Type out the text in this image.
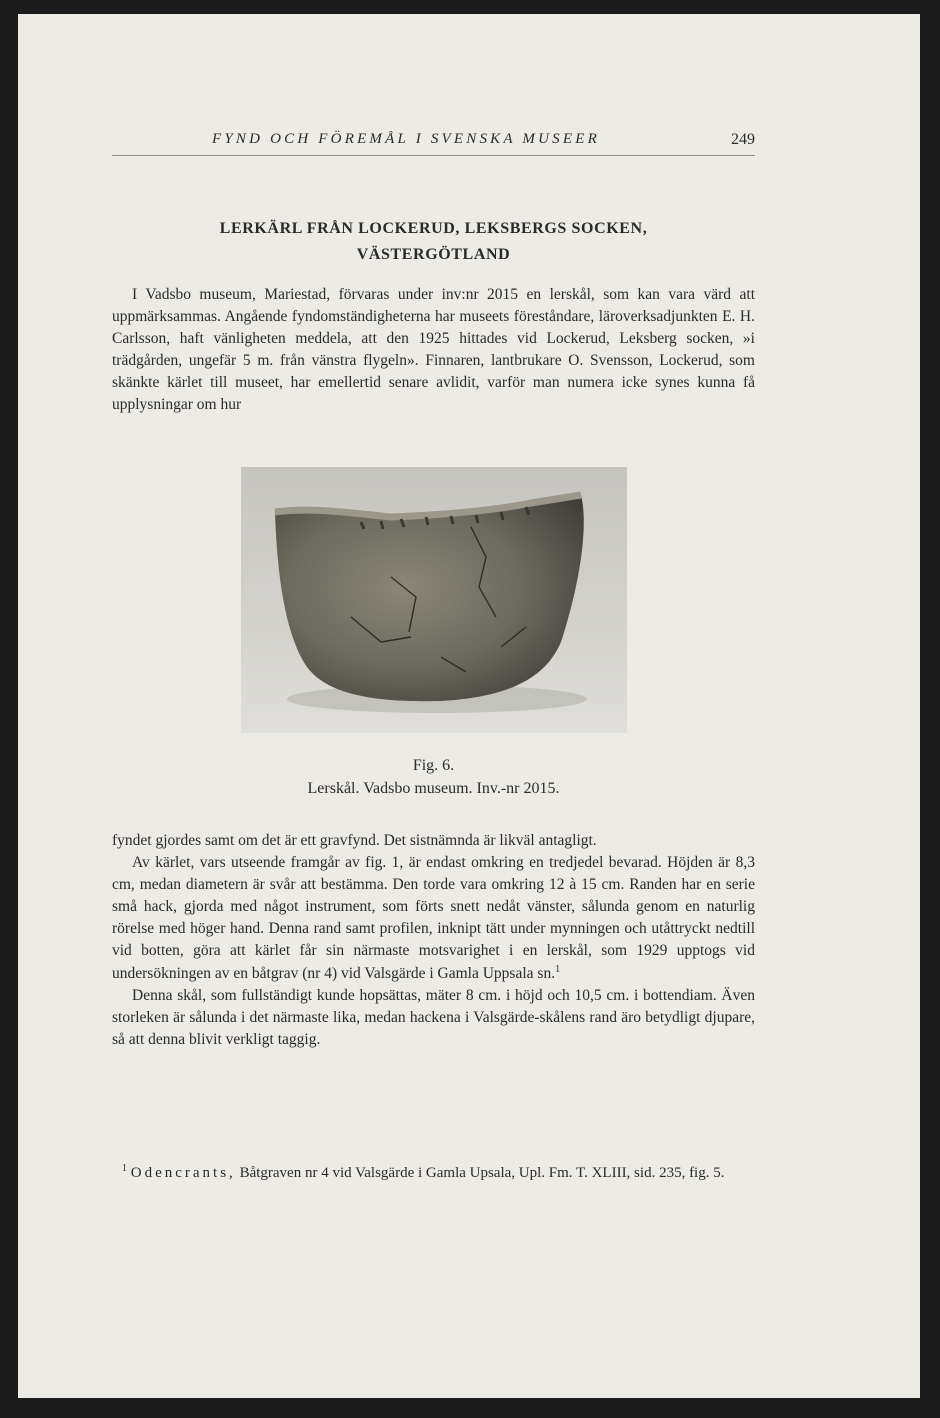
FYND OCH FÖREMÅL I SVENSKA MUSEER	249
LERKÄRL FRÅN LOCKERUD, LEKSBERGS SOCKEN,
VÄSTERGÖTLAND

I Vadsbo museum, Mariestad, förvaras under inv:nr 2015 en lerskål, som kan vara värd att uppmärksammas. Angående fyndomständigheterna har museets föreståndare, läroverksadjunkten E. H. Carlsson, haft vänligheten meddela, att den 1925 hittades vid Lockerud, Leksberg socken, »i trädgården, ungefär 5 m. från vänstra flygeln». Finnaren, lantbrukare O. Svensson, Lockerud, som skänkte kärlet till museet, har emellertid senare avlidit, varför man numera icke synes kunna få upplysningar om hur

Fig. 6.
Lerskål. Vadsbo museum. Inv.-nr 2015.

fyndet gjordes samt om det är ett gravfynd. Det sistnämnda är likväl antagligt.

Av kärlet, vars utseende framgår av fig. 1, är endast omkring en tredjedel bevarad. Höjden är 8,3 cm, medan diametern är svår att bestämma. Den torde vara omkring 12 à 15 cm. Randen har en serie små hack, gjorda med något instrument, som förts snett nedåt vänster, sålunda genom en naturlig rörelse med höger hand. Denna rand samt profilen, inknipt tätt under mynningen och utåttryckt nedtill vid botten, göra att kärlet får sin närmaste motsvarighet i en lerskål, som 1929 upptogs vid undersökningen av en båtgrav (nr 4) vid Valsgärde i Gamla Uppsala sn.$^1$

Denna skål, som fullständigt kunde hopsättas, mäter 8 cm. i höjd och 10,5 cm. i bottendiam. Även storleken är sålunda i det närmaste lika, medan hackena i Valsgärde-skålens rand äro betydligt djupare, så att denna blivit verkligt taggig.

$^1$ Odencrants, Båtgraven nr 4 vid Valsgärde i Gamla Upsala, Upl. Fm. T. XLIII, sid. 235, fig. 5.
